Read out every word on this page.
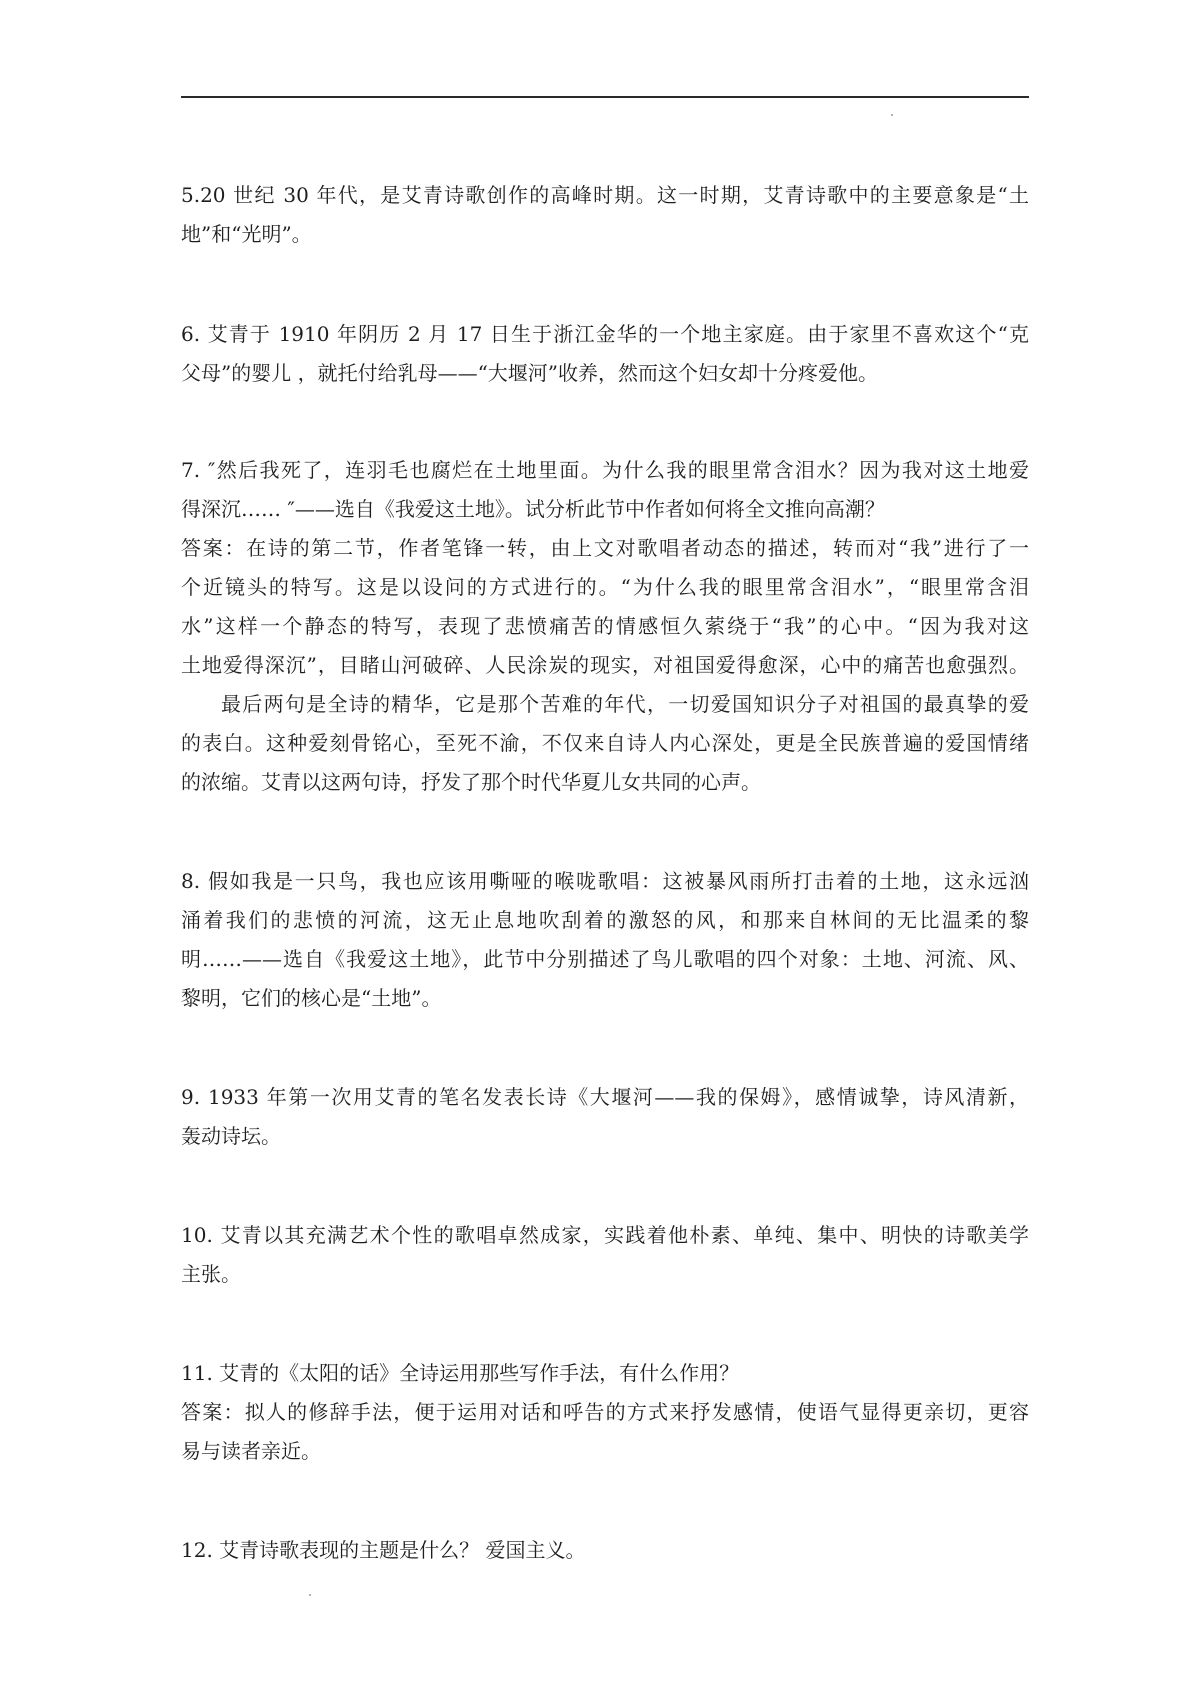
5.20 世纪 30 年代，是艾青诗歌创作的高峰时期。这一时期，艾青诗歌中的主要意象是“土
地”和“光明”。
6. 艾青于 1910 年阴历 2 月 17 日生于浙江金华的一个地主家庭。由于家里不喜欢这个“克
父母”的婴儿 ，就托付给乳母——“大堰河”收养，然而这个妇女却十分疼爱他。
7. ″然后我死了，连羽毛也腐烂在土地里面。为什么我的眼里常含泪水？因为我对这土地爱
得深沉…… ″——选自《我爱这土地》。试分析此节中作者如何将全文推向高潮？
答案：在诗的第二节，作者笔锋一转，由上文对歌唱者动态的描述，转而对“我”进行了一
个近镜头的特写。这是以设问的方式进行的。“为什么我的眼里常含泪水”，“眼里常含泪
水”这样一个静态的特写，表现了悲愤痛苦的情感恒久萦绕于“我”的心中。“因为我对这
土地爱得深沉”，目睹山河破碎、人民涂炭的现实，对祖国爱得愈深，心中的痛苦也愈强烈。
最后两句是全诗的精华，它是那个苦难的年代，一切爱国知识分子对祖国的最真挚的爱
的表白。这种爱刻骨铭心，至死不渝，不仅来自诗人内心深处，更是全民族普遍的爱国情绪
的浓缩。艾青以这两句诗，抒发了那个时代华夏儿女共同的心声。
8. 假如我是一只鸟，我也应该用嘶哑的喉咙歌唱：这被暴风雨所打击着的土地，这永远汹
涌着我们的悲愤的河流，这无止息地吹刮着的激怒的风，和那来自林间的无比温柔的黎
明……——选自《我爱这土地》，此节中分别描述了鸟儿歌唱的四个对象：土地、河流、风、
黎明，它们的核心是“土地”。
9. 1933 年第一次用艾青的笔名发表长诗《大堰河——我的保姆》，感情诚挚，诗风清新，
轰动诗坛。
10. 艾青以其充满艺术个性的歌唱卓然成家，实践着他朴素、单纯、集中、明快的诗歌美学
主张。
11. 艾青的《太阳的话》全诗运用那些写作手法，有什么作用？
答案：拟人的修辞手法，便于运用对话和呼告的方式来抒发感情，使语气显得更亲切，更容
易与读者亲近。
12. 艾青诗歌表现的主题是什么？ 爱国主义。
